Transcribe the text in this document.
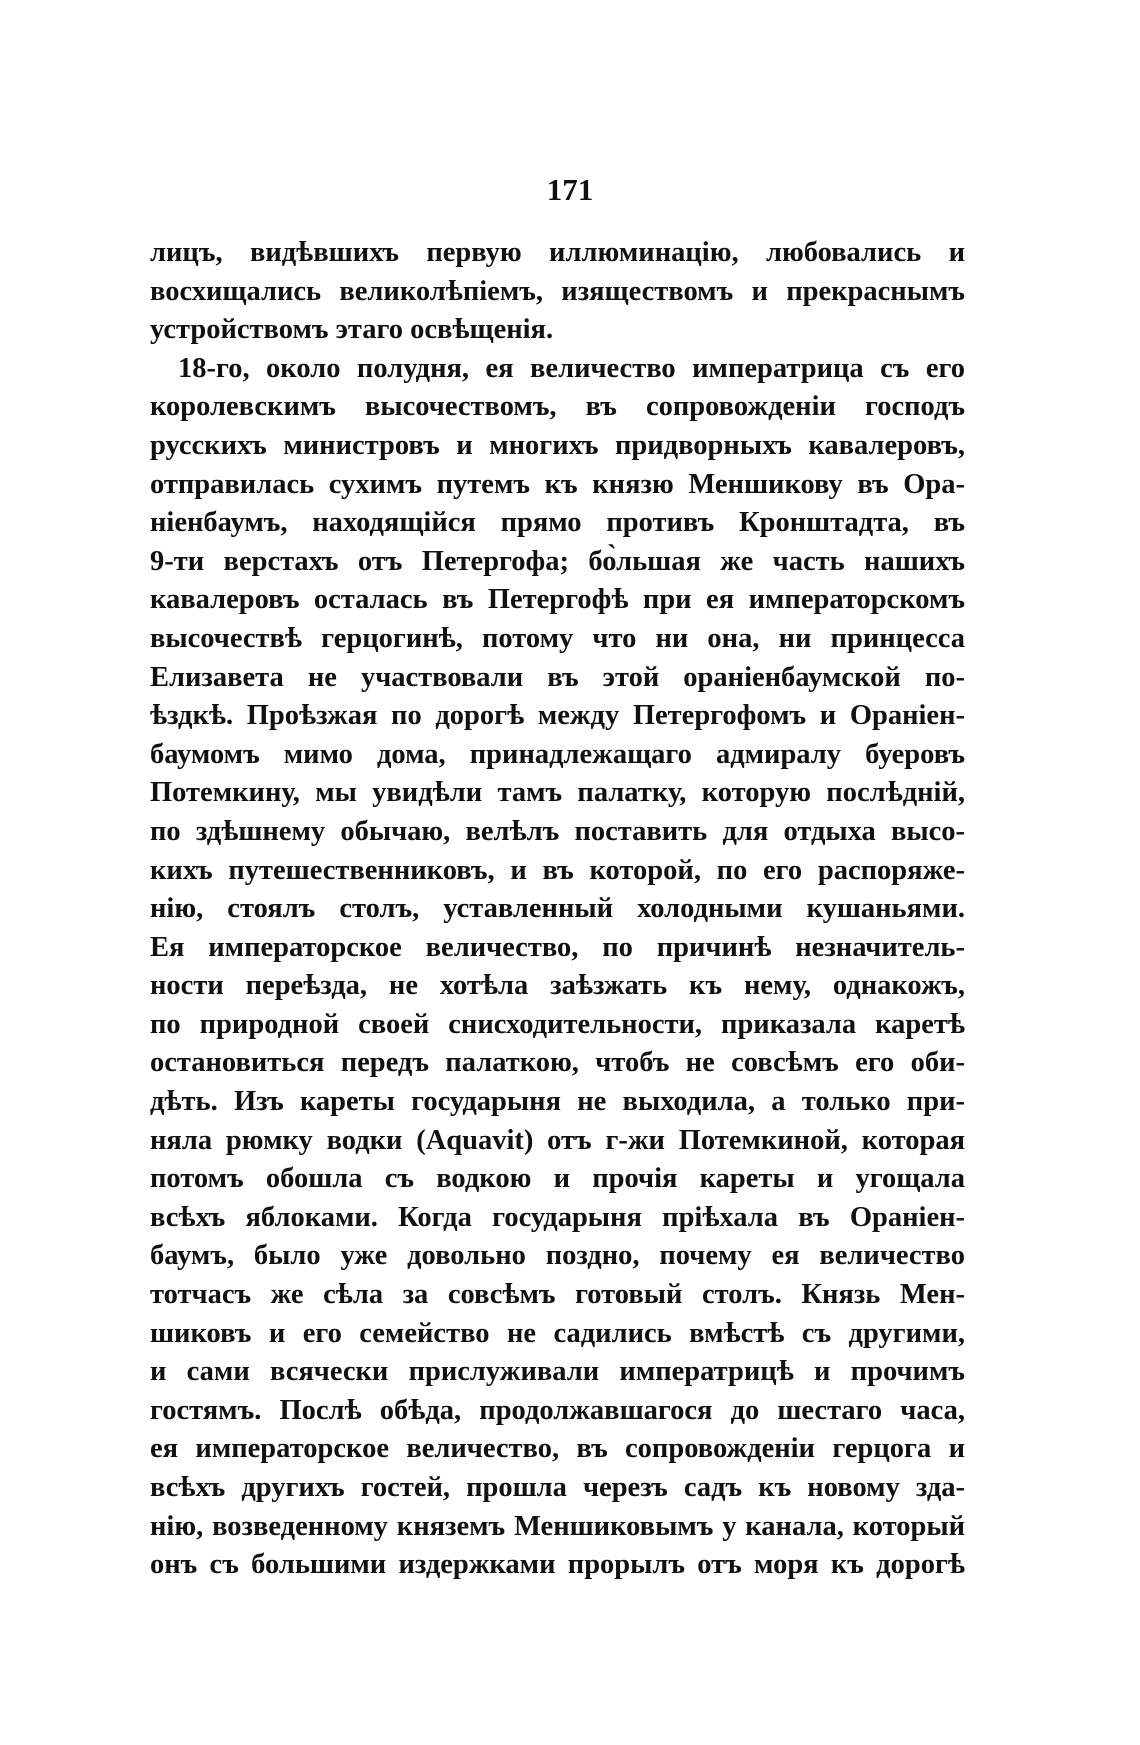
171
лицъ, видѣвшихъ первую иллюминацію, любовались и
восхищались великолѣпіемъ, изяществомъ и прекраснымъ
устройствомъ этаго освѣщенія.
18-го, около полудня, ея величество императрица съ его
королевскимъ высочествомъ, въ сопровожденіи господъ
русскихъ министровъ и многихъ придворныхъ кавалеровъ,
отправилась сухимъ путемъ къ князю Меншикову въ Ора-
ніенбаумъ, находящійся прямо противъ Кронштадта, въ
9-ти верстахъ отъ Петергофа; бо̀льшая же часть нашихъ
кавалеровъ осталась въ Петергофѣ при ея императорскомъ
высочествѣ герцогинѣ, потому что ни она, ни принцесса
Елизавета не участвовали въ этой ораніенбаумской по-
ѣздкѣ. Проѣзжая по дорогѣ между Петергофомъ и Ораніен-
баумомъ мимо дома, принадлежащаго адмиралу буеровъ
Потемкину, мы увидѣли тамъ палатку, которую послѣдній,
по здѣшнему обычаю, велѣлъ поставить для отдыха высо-
кихъ путешественниковъ, и въ которой, по его распоряже-
нію, стоялъ столъ, уставленный холодными кушаньями.
Ея императорское величество, по причинѣ незначитель-
ности переѣзда, не хотѣла заѣзжать къ нему, однакожъ,
по природной своей снисходительности, приказала каретѣ
остановиться передъ палаткою, чтобъ не совсѣмъ его оби-
дѣть. Изъ кареты государыня не выходила, а только при-
няла рюмку водки (Aquavit) отъ г-жи Потемкиной, которая
потомъ обошла съ водкою и прочія кареты и угощала
всѣхъ яблоками. Когда государыня пріѣхала въ Ораніен-
баумъ, было уже довольно поздно, почему ея величество
тотчасъ же сѣла за совсѣмъ готовый столъ. Князь Мен-
шиковъ и его семейство не садились вмѣстѣ съ другими,
и сами всячески прислуживали императрицѣ и прочимъ
гостямъ. Послѣ обѣда, продолжавшагося до шестаго часа,
ея императорское величество, въ сопровожденіи герцога и
всѣхъ другихъ гостей, прошла черезъ садъ къ новому зда-
нію, возведенному княземъ Меншиковымъ у канала, который
онъ съ большими издержками прорылъ отъ моря къ дорогѣ
